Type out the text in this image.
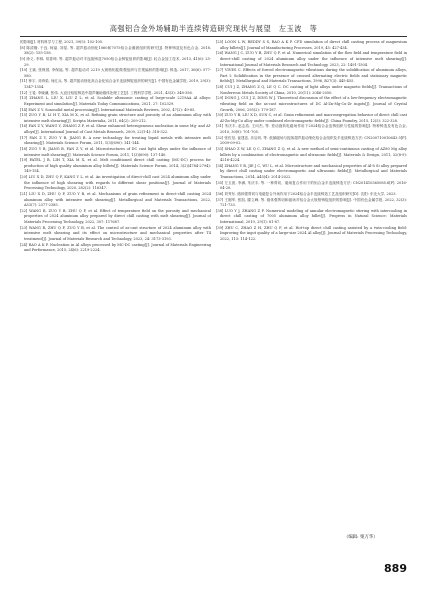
高强铝合金外场辅助半连续铸造研究现状与展望　左玉波　等

的影响[J]. 材料科学与工程, 2021, 39(5): 102-105.

[8] 陈清楷, 于良, 柯晶, 刘星, 等. 超声振动细化1060和7075铝合金凝固组织的研究[J]. 特种铸造及有色合金, 2018, 38(2): 155-158.

[9] 徐义, 李林, 易善坤, 等. 超声振动对半连续铸造7050铝合金铸锭组织的影响[J]. 轻合金加工技术, 2013, 41(6): 25-29.

[10] 王斌, 张保国, 李保福, 等. 超声振动对 2219 大规格铝锭微观组织与宏观偏析的影响[J]. 铸造, 2017, 36(6): 577-580.

[11] 钟宇, 邓舜梁, 何红兵, 等. 超声振动细化高合金化铝合金半连续铸锭组织的研究[J]. 中国有色金属学报, 2019, 29(3): 1347-1354.

[12] 王斐, 李晓谦, 张伟. 大直径铝锭铸造中超声辅助熔体处理工艺[J]. 工程科学学报, 2021, 43(3): 348-356.

[13] ZHANG L, LIU X, LIU Z L, et al. Scalable ultrasonic casting of large-scale 2219AA Al alloys: Experiment and simulation[J]. Materials Today Communications, 2021, 27: 102329.

[14] FAN Z Y. Sonosolid metal processing[J]. International Materials Reviews, 2002, 47(2): 49-85.

[15] ZUO Y B, LI H T, XIA M X, et al. Refining grain structure and porosity of an aluminium alloy with intensive melt shearing[J]. Scripta Materialia, 2011, 64(2): 209-212.

[16] FAN Z Y, WANG Y, ZHANG Z F, et al. Shear enhanced heterogeneous nucleation in some Mg- and Al- alloys[J]. International Journal of Cast Metals Research, 2009, 22(1-4): 318-322.

[17] FAN Z Y, ZUO Y B, JIANG B. A new technology for treating liquid metals with intensive melt shearing[J]. Materials Science Forum, 2011, 1(3)(690): 141-144.

[18] ZUO Y B, JIANG B, FAN Z Y, et al. Microstructures of DC cast light alloys under the influence of intensive melt shearing[J]. Materials Science Forum, 2011, 1(3)(690): 137-140.

[19] PATEL J B, LIH T, XIA M X, et al. Melt conditioned direct chill casting (MC-DC) process for production of high quality aluminium alloy billets[J]. Materials Science Forum, 2014, 3(2)(4784-2794): 149-154.

[20] LIU X D, ZHU Q F, KANG Y L, et al. An investigation of direct-chill cast 2024 aluminum alloy under the influence of high shearing with regards to different shear positions[J]. Journal of Materials Processing Technology, 2020, 282(2): 116347.

[21] LIU X D, ZHU Q F, ZUO Y B, et al. Mechanisms of grain refinement in direct-chill casting 2024 aluminum alloy with intensive melt shearing[J]. Metallurgical and Materials Transactions, 2022, A53(7): 2377-2385.

[22] WANG R, ZUO Y B, ZHU Q F, et al. Effect of temperature field on the porosity and mechanical properties of 2024 aluminum alloy prepared by direct chill casting with melt shearing[J]. Journal of Materials Processing Technology, 2022, 307: 117687.

[23] WANG R, ZHU Q F, ZUO Y B, et al. The control of as-cast structure of 2024 aluminum alloy with intensive melt shearing and its effect on microstructure and mechanical properties after T4 treatment[J]. Journal of Materials Research and Technology, 2023, 24: 3173-3193.

[24] RAO A K P. Nucleation in Al alloys processed by MC-DC casting[J]. Journal of Materials Engineering and Performance, 2015, 24(6): 2219-2224.

[25] LOON L W, REDDY S S, RAO A K P. CFD simulation of direct chill casting process of magnesium alloy billets[J]. Journal of Manufacturing Processes, 2019, 45: 427-434.

[26] WANG J C, ZUO Y B, ZHU Q F, et al. Numerical simulation of the flow field and temperature field in direct-chill casting of 2024 aluminum alloy under the influence of intensive melt shearing[J]. International Journal of Materials Research and Technology, 2023, 22: 1491-1504.

[27] VIVES C. Effects of forced electromagnetic vibrations during the solidification of aluminum alloys, Part I: Solidification in the presence of crossed alternating electric fields and stationary magnetic fields[J]. Metallurgical and Materials Transactions, 1996, B27(3): 445-455.

[28] CUI J Z, ZHANG Z Q, LE Q C. DC casting of light alloys under magnetic fields[J]. Transactions of Nonferrous Metals Society of China, 2010, 20(11): 2046-2050.

[29] DONG J, CUI J Z, DING W J. Theoretical discussion of the effect of a low-frequency electromagnetic vibrating field on the as-cast microstructures of DC Al-Zn-Mg-Cu-Zr ingots[J]. Journal of Crystal Growth, 2006, 295(2): 179-187.

[30] ZUO Y B, LIU X D, SUN C, et al. Grain refinement and macrosegregation behavior of direct chill cast Al-Zn-Mg-Cu alloy under combined electromagnetic fields[J]. China Foundry, 2015, 12(5): 322-328.

[31] 朱庆丰, 赵志浩, 王向杰, 等. 差动旋转电磁场作用下2024铝合金连铸组织与性能的影响[J]. 特种铸造及有色合金, 2010, 30(8): 701-705.

[32] 张佐信, 崔建忠, 乐启炽, 等. 低频磁场与振荡超声振动细化铝合金组织及半连续铸造方法: CN200710010643.5[P]. 2009-09-02.

[33] SHAO Z W, LE Q C, ZHANG Z Q, et al. A new method of semi-continuous casting of AZ80 Mg alloy billets by a combination of electromagnetic and ultrasonic fields[J]. Materials & Design, 2011, 32(8-9): 4216-4224.

[34] ZHANG Y B, JIE J C, WU L, et al. Microstructure and mechanical properties of Al-8 Si alloy prepared by direct chill casting under electromagnetic and ultrasonic fields[J]. Metallurgical and Materials Transactions, 2014, A45(4): 2014-2022.

[35] 左玉波, 李满, 朱庆丰, 等. 一种剪切、磁场复合作用下的铝合金半连续铸造方法: CN201410365085.6[P]. 2016-04-20.

[36] 刘秀东. 熔体强剪切与电磁复合外场作用下2024铝合金半连续铸造工艺及组织研究[D]. 沈阳: 东北大学, 2023.

[37] 王刚军, 张凯, 滕立峰, 等. 熔体强剪切和磁场对铝合金大规格铸锭组织的影响[J]. 中国有色金属学报, 2022, 32(3): 721-733.

[38] LUO Y J, ZHANG Z F. Numerical modeling of annular electromagnetic stirring with intercooling in direct chill casting of 7005 aluminum alloy billet[J]. Progress in Natural Science: Materials International, 2019, 29(1): 81-87.

[39] ZHU C, ZHAO Z H, ZHU Q F, et al. Hot-top direct chill casting assisted by a twin-cooling field: Improving the ingot quality of a large-size 2024 Al alloy[J]. Journal of Materials Processing Technology, 2022, 113: 114-122.

（编辑: 栗万华）
889
